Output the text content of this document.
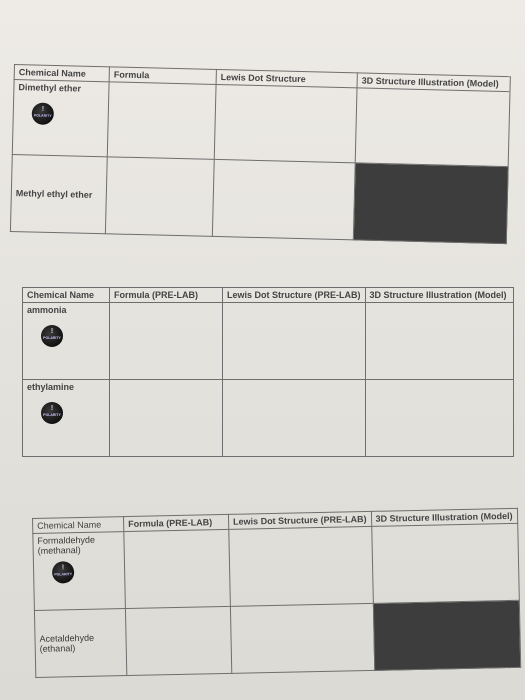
Chemical Name	Formula	Lewis Dot Structure	3D Structure Illustration (Model)

Dimethyl ether
!
POLARITY			

Methyl ethyl ether			
Chemical Name	Formula (PRE-LAB)	Lewis Dot Structure (PRE-LAB)	3D Structure Illustration (Model)

ammonia
!
POLARITY			

ethylamine
!
POLARITY			

Chemical Name	Formula (PRE-LAB)	Lewis Dot Structure (PRE-LAB)	3D Structure Illustration (Model)

Formaldehyde
(methanal)
!
POLARITY			

Acetaldehyde
(ethanal)			
